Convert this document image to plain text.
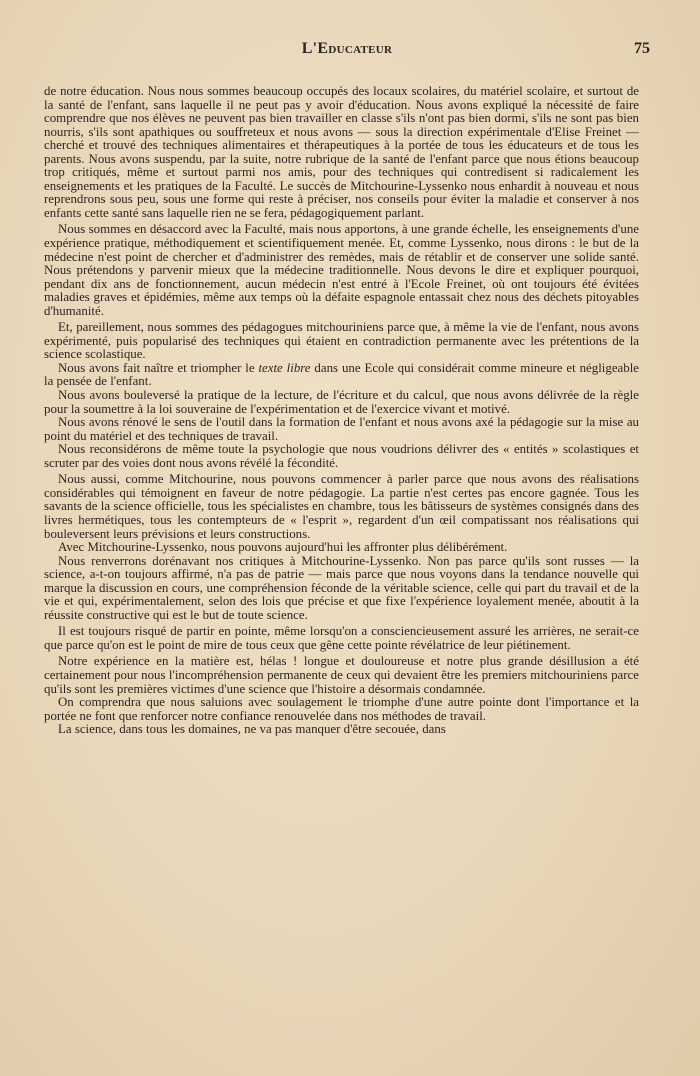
L'Educateur	75

de notre éducation. Nous nous sommes beaucoup occupés des locaux scolaires, du matériel scolaire, et surtout de la santé de l'enfant, sans laquelle il ne peut pas y avoir d'éducation. Nous avons expliqué la nécessité de faire comprendre que nos élèves ne peuvent pas bien travailler en classe s'ils n'ont pas bien dormi, s'ils ne sont pas bien nourris, s'ils sont apathiques ou souffreteux et nous avons — sous la direction expérimentale d'Elise Freinet — cherché et trouvé des techniques alimentaires et thérapeutiques à la portée de tous les éducateurs et de tous les parents. Nous avons suspendu, par la suite, notre rubrique de la santé de l'enfant parce que nous étions beaucoup trop critiqués, même et surtout parmi nos amis, pour des techniques qui contredisent si radicalement les enseignements et les pratiques de la Faculté. Le succès de Mitchourine-Lyssenko nous enhardit à nouveau et nous reprendrons sous peu, sous une forme qui reste à préciser, nos conseils pour éviter la maladie et conserver à nos enfants cette santé sans laquelle rien ne se fera, pédagogiquement parlant.

Nous sommes en désaccord avec la Faculté, mais nous apportons, à une grande échelle, les enseignements d'une expérience pratique, méthodiquement et scientifiquement menée. Et, comme Lyssenko, nous dirons : le but de la médecine n'est point de chercher et d'administrer des remèdes, mais de rétablir et de conserver une solide santé. Nous prétendons y parvenir mieux que la médecine traditionnelle. Nous devons le dire et expliquer pourquoi, pendant dix ans de fonctionnement, aucun médecin n'est entré à l'Ecole Freinet, où ont toujours été évitées maladies graves et épidémies, même aux temps où la défaite espagnole entassait chez nous des déchets pitoyables d'humanité.

Et, pareillement, nous sommes des pédagogues mitchouriniens parce que, à même la vie de l'enfant, nous avons expérimenté, puis popularisé des techniques qui étaient en contradiction permanente avec les prétentions de la science scolastique.

Nous avons fait naître et triompher le texte libre dans une Ecole qui considérait comme mineure et négligeable la pensée de l'enfant.

Nous avons bouleversé la pratique de la lecture, de l'écriture et du calcul, que nous avons délivrée de la règle pour la soumettre à la loi souveraine de l'expérimentation et de l'exercice vivant et motivé.

Nous avons rénové le sens de l'outil dans la formation de l'enfant et nous avons axé la pédagogie sur la mise au point du matériel et des techniques de travail.

Nous reconsidérons de même toute la psychologie que nous voudrions délivrer des « entités » scolastiques et scruter par des voies dont nous avons révélé la fécondité.

Nous aussi, comme Mitchourine, nous pouvons commencer à parler parce que nous avons des réalisations considérables qui témoignent en faveur de notre pédagogie. La partie n'est certes pas encore gagnée. Tous les savants de la science officielle, tous les spécialistes en chambre, tous les bâtisseurs de systèmes consignés dans des livres hermétiques, tous les contempteurs de « l'esprit », regardent d'un œil compatissant nos réalisations qui bouleversent leurs prévisions et leurs constructions.

Avec Mitchourine-Lyssenko, nous pouvons aujourd'hui les affronter plus délibérément.

Nous renverrons dorénavant nos critiques à Mitchourine-Lyssenko. Non pas parce qu'ils sont russes — la science, a-t-on toujours affirmé, n'a pas de patrie — mais parce que nous voyons dans la tendance nouvelle qui marque la discussion en cours, une compréhension féconde de la véritable science, celle qui part du travail et de la vie et qui, expérimentalement, selon des lois que précise et que fixe l'expérience loyalement menée, aboutit à la réussite constructive qui est le but de toute science.

Il est toujours risqué de partir en pointe, même lorsqu'on a consciencieusement assuré les arrières, ne serait-ce que parce qu'on est le point de mire de tous ceux que gêne cette pointe révélatrice de leur piétinement.

Notre expérience en la matière est, hélas ! longue et douloureuse et notre plus grande désillusion a été certainement pour nous l'incompréhension permanente de ceux qui devaient être les premiers mitchouriniens parce qu'ils sont les premières victimes d'une science que l'histoire a désormais condamnée.

On comprendra que nous saluions avec soulagement le triomphe d'une autre pointe dont l'importance et la portée ne font que renforcer notre confiance renouvelée dans nos méthodes de travail.

La science, dans tous les domaines, ne va pas manquer d'être secouée, dans
